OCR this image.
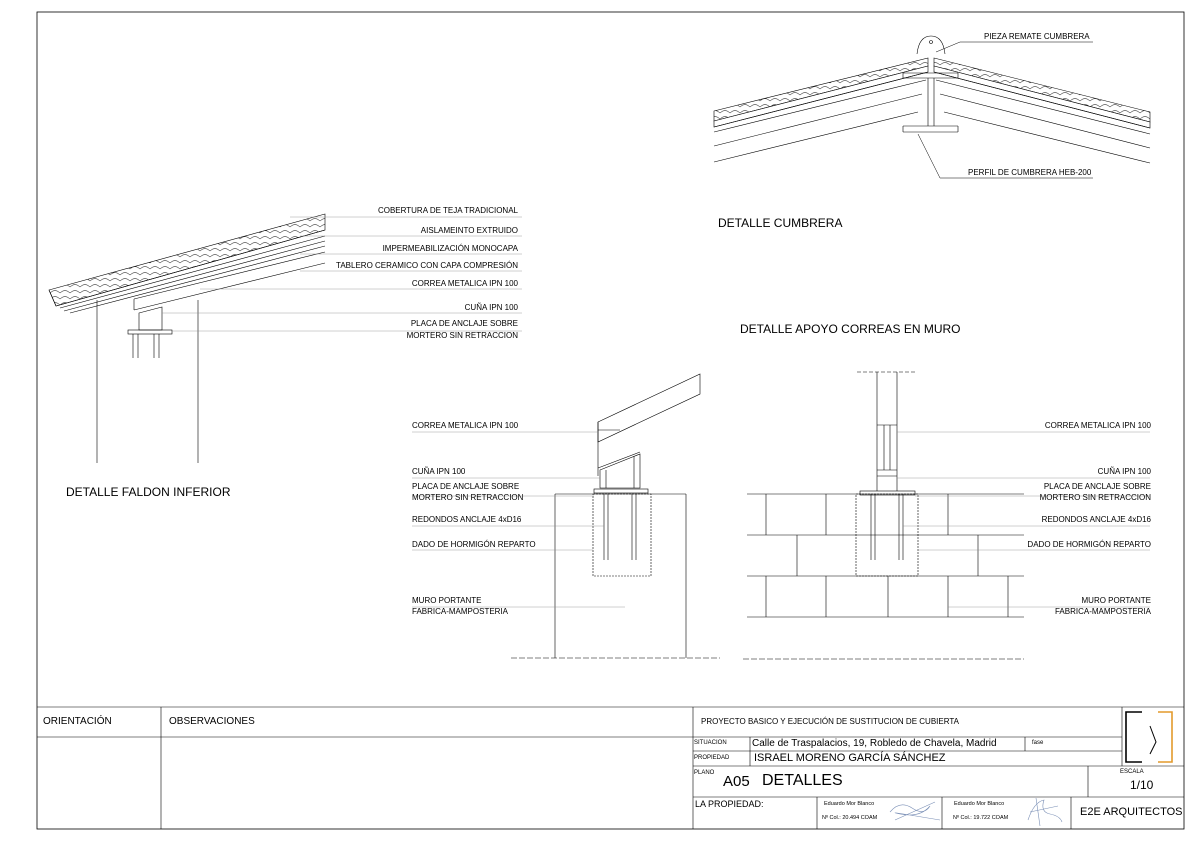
DETALLE CUMBRERA
DETALLE FALDON INFERIOR
DETALLE APOYO CORREAS EN MURO
PIEZA REMATE CUMBRERA
PERFIL DE CUMBRERA HEB-200
COBERTURA DE TEJA TRADICIONAL
AISLAMEINTO EXTRUIDO
IMPERMEABILIZACIÓN MONOCAPA
TABLERO CERAMICO CON CAPA COMPRESIÓN
CORREA METALICA IPN 100
CUÑA IPN 100
PLACA DE ANCLAJE SOBRE
MORTERO SIN RETRACCION
CORREA METALICA IPN 100
CUÑA IPN 100
PLACA DE ANCLAJE SOBRE
MORTERO SIN RETRACCION
REDONDOS ANCLAJE 4xD16
DADO DE HORMIGÓN REPARTO
MURO PORTANTE
FABRICA-MAMPOSTERIA
CORREA METALICA IPN 100
CUÑA IPN 100
PLACA DE ANCLAJE SOBRE
MORTERO SIN RETRACCION
REDONDOS ANCLAJE 4xD16
DADO DE HORMIGÓN REPARTO
MURO PORTANTE
FABRICA-MAMPOSTERIA
ORIENTACIÓN	OBSERVACIONES	PROYECTO BASICO Y EJECUCIÓN DE SUSTITUCION DE CUBIERTA
SITUACION	Calle de Traspalacios, 19, Robledo de Chavela, Madrid	fase
PROPIEDAD ISRAEL MORENO GARCÍA SÁNCHEZ
PLANO A05 DETALLES	ESCALA
1/10
LA PROPIEDAD:	Eduardo Mor Blanco
Nº Col.: 20.494 COAM
Eduardo Mor Blanco
Nº Col.: 19.722 COAM	E2E ARQUITECTOS
